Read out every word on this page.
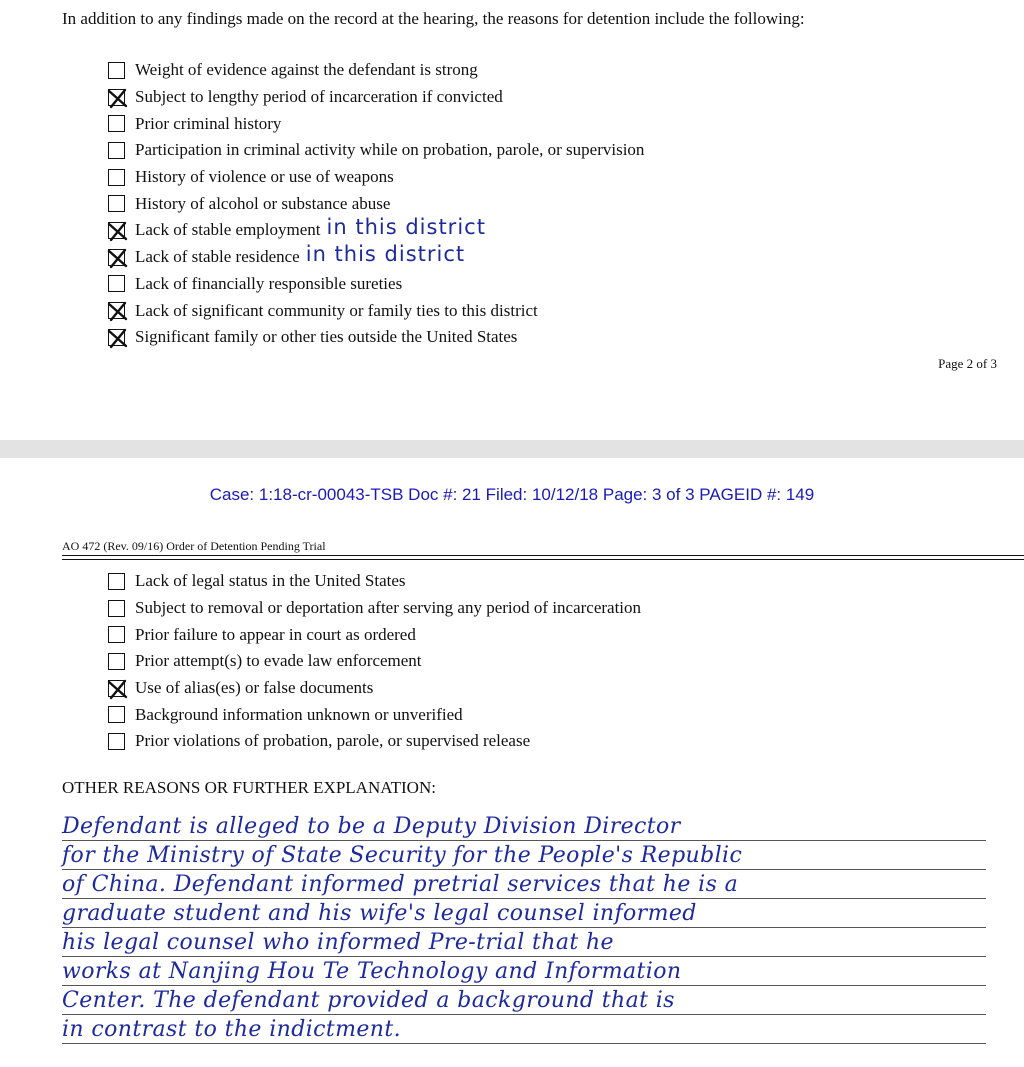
In addition to any findings made on the record at the hearing, the reasons for detention include the following:
Weight of evidence against the defendant is strong
Subject to lengthy period of incarceration if convicted
Prior criminal history
Participation in criminal activity while on probation, parole, or supervision
History of violence or use of weapons
History of alcohol or substance abuse
Lack of stable employment in this district
Lack of stable residence in this district
Lack of financially responsible sureties
Lack of significant community or family ties to this district
Significant family or other ties outside the United States
Page 2 of 3
Case: 1:18-cr-00043-TSB Doc #: 21 Filed: 10/12/18 Page: 3 of 3 PAGEID #: 149
AO 472 (Rev. 09/16) Order of Detention Pending Trial
Lack of legal status in the United States
Subject to removal or deportation after serving any period of incarceration
Prior failure to appear in court as ordered
Prior attempt(s) to evade law enforcement
Use of alias(es) or false documents
Background information unknown or unverified
Prior violations of probation, parole, or supervised release
OTHER REASONS OR FURTHER EXPLANATION:
Defendant is alleged to be a Deputy Division Director
for the Ministry of State Security for the People's Republic
of China. Defendant informed pretrial services that he is a
graduate student and his wife's legal counsel informed
his legal counsel who informed Pre-trial that he
works at Nanjing Hou Te Technology and Information
Center. The defendant provided a background that is
in contrast to the indictment.
